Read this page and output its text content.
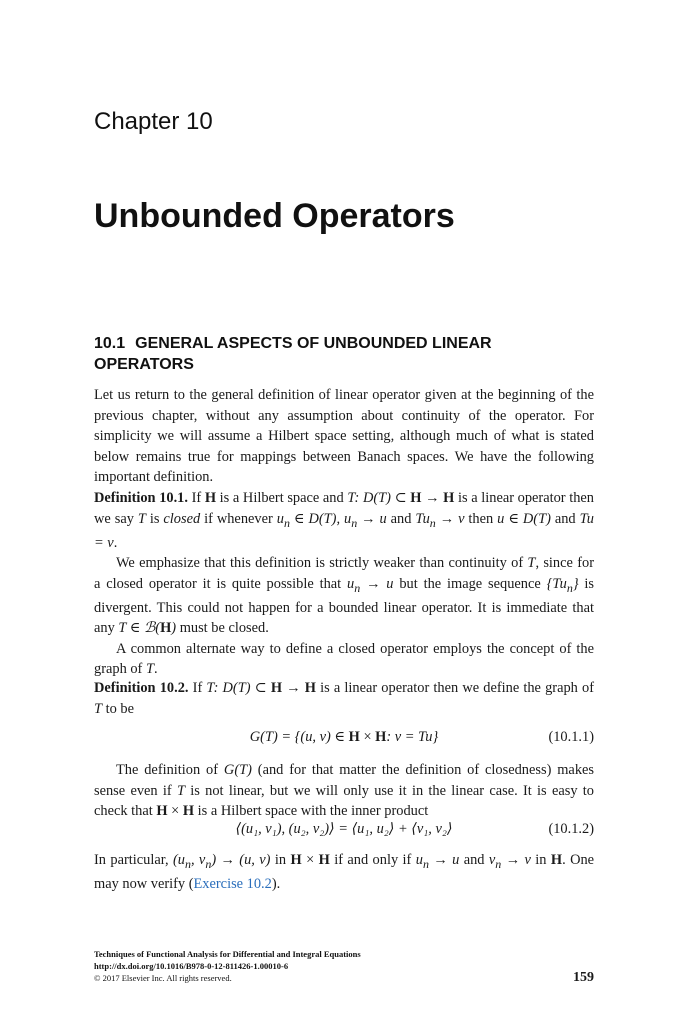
Chapter 10
Unbounded Operators
10.1 GENERAL ASPECTS OF UNBOUNDED LINEAR OPERATORS

Let us return to the general definition of linear operator given at the beginning of the previous chapter, without any assumption about continuity of the operator. For simplicity we will assume a Hilbert space setting, although much of what is stated below remains true for mappings between Banach spaces. We have the following important definition.

Definition 10.1. If H is a Hilbert space and T: D(T) ⊂ H → H is a linear operator then we say T is closed if whenever $u_n$ ∈ D(T), $u_n \to u$ and $Tu_n \to v$ then u ∈ D(T) and Tu = v.

We emphasize that this definition is strictly weaker than continuity of T, since for a closed operator it is quite possible that $u_n \to u$ but the image sequence $\{Tu_n\}$ is divergent. This could not happen for a bounded linear operator. It is immediate that any T ∈ ℬ(H) must be closed.

A common alternate way to define a closed operator employs the concept of the graph of T.

Definition 10.2. If T: D(T) ⊂ H → H is a linear operator then we define the graph of T to be

G(T) = {(u, v) ∈ H × H: v = Tu}	(10.1.1)

The definition of G(T) (and for that matter the definition of closedness) makes sense even if T is not linear, but we will only use it in the linear case. It is easy to check that H × H is a Hilbert space with the inner product

⟨(u₁, v₁), (u₂, v₂)⟩ = ⟨u₁, u₂⟩ + ⟨v₁, v₂⟩	(10.1.2)

In particular, ($u_n$, $v_n) \to (u$, v) in H × H if and only if $u_n \to u$ and $v_n \to v$ in H. One may now verify (Exercise 10.2).

Techniques of Functional Analysis for Differential and Integral Equations
http://dx.doi.org/10.1016/B978-0-12-811426-1.00010-6
© 2017 Elsevier Inc. All rights reserved.	159
